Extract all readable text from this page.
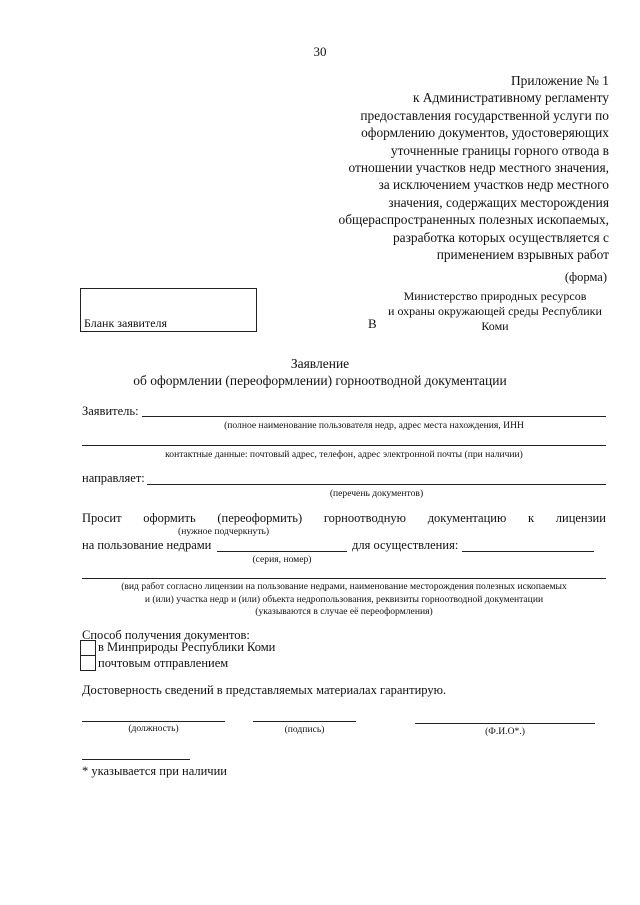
30
Приложение № 1
к Административному регламенту
предоставления государственной услуги по
оформлению документов, удостоверяющих
уточненные границы горного отвода в
отношении участков недр местного значения,
за исключением участков недр местного
значения, содержащих месторождения
общераспространенных полезных ископаемых,
разработка которых осуществляется с
применением взрывных работ
(форма)
Бланк заявителя	В
Министерство природных ресурсов
и охраны окружающей среды Республики
Коми
Заявление
об оформлении (переоформлении) горноотводной документации
Заявитель:
(полное наименование пользователя недр, адрес места нахождения, ИНН
контактные данные: почтовый адрес, телефон, адрес электронной почты (при наличии)
направляет:
(перечень документов)
Просит оформить (переоформить) горноотводную документацию к лицензии
(нужное подчеркнуть)
на пользование недрами
(серия, номер)
для осуществления:
(вид работ согласно лицензии на пользование недрами, наименование месторождения полезных ископаемых
и (или) участка недр и (или) объекта недропользования, реквизиты горноотводной документации
(указываются в случае её переоформления)
Способ получения документов:
в Минприроды Республики Коми
почтовым отправлением
Достоверность сведений в представляемых материалах гарантирую.
(должность)	(подпись)	(Ф.И.О*.)
* указывается при наличии
